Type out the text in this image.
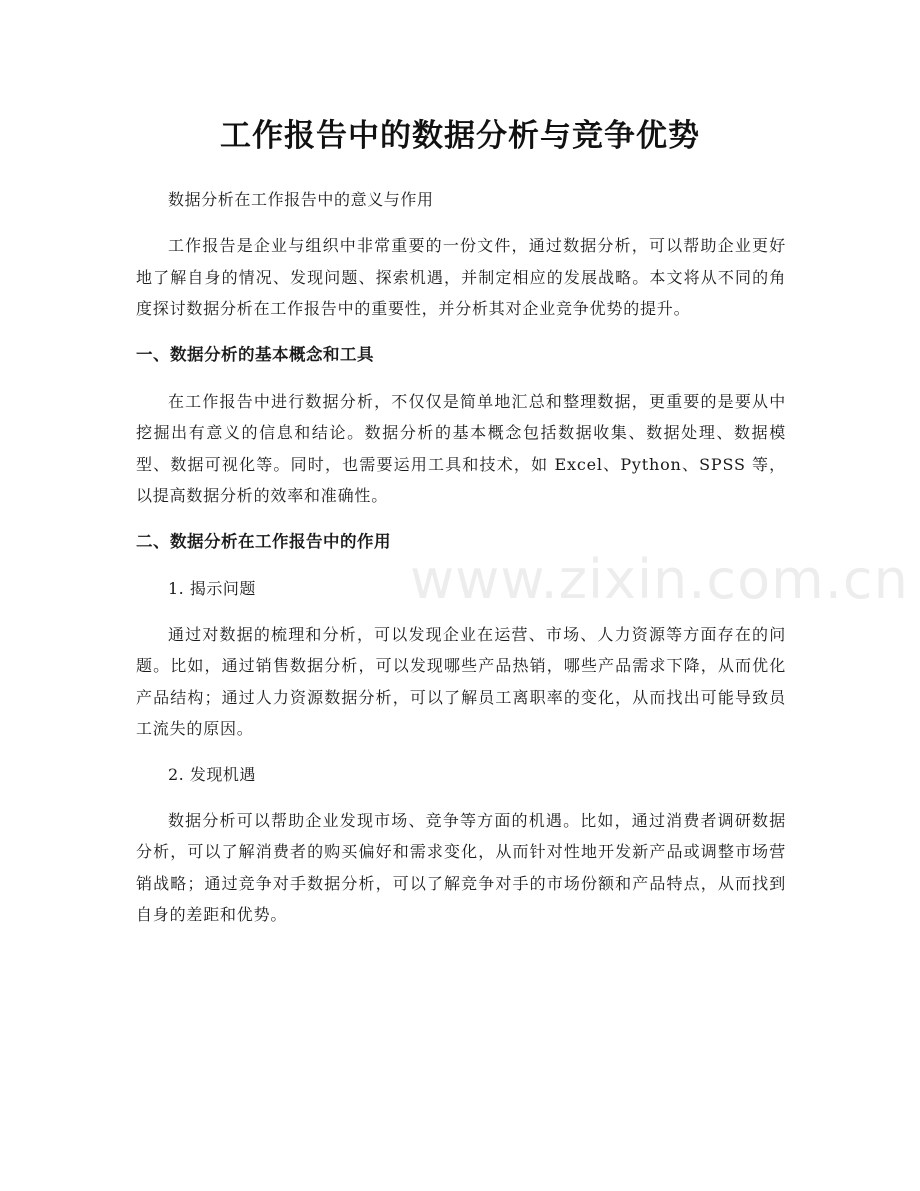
工作报告中的数据分析与竞争优势

数据分析在工作报告中的意义与作用

工作报告是企业与组织中非常重要的一份文件，通过数据分析，可以帮助企业更好地了解自身的情况、发现问题、探索机遇，并制定相应的发展战略。本文将从不同的角度探讨数据分析在工作报告中的重要性，并分析其对企业竞争优势的提升。

一、数据分析的基本概念和工具

在工作报告中进行数据分析，不仅仅是简单地汇总和整理数据，更重要的是要从中挖掘出有意义的信息和结论。数据分析的基本概念包括数据收集、数据处理、数据模型、数据可视化等。同时，也需要运用工具和技术，如 Excel、Python、SPSS 等，以提高数据分析的效率和准确性。

二、数据分析在工作报告中的作用

1. 揭示问题

通过对数据的梳理和分析，可以发现企业在运营、市场、人力资源等方面存在的问题。比如，通过销售数据分析，可以发现哪些产品热销，哪些产品需求下降，从而优化产品结构；通过人力资源数据分析，可以了解员工离职率的变化，从而找出可能导致员工流失的原因。

2. 发现机遇

数据分析可以帮助企业发现市场、竞争等方面的机遇。比如，通过消费者调研数据分析，可以了解消费者的购买偏好和需求变化，从而针对性地开发新产品或调整市场营销战略；通过竞争对手数据分析，可以了解竞争对手的市场份额和产品特点，从而找到自身的差距和优势。

www.zixin.com.cn
